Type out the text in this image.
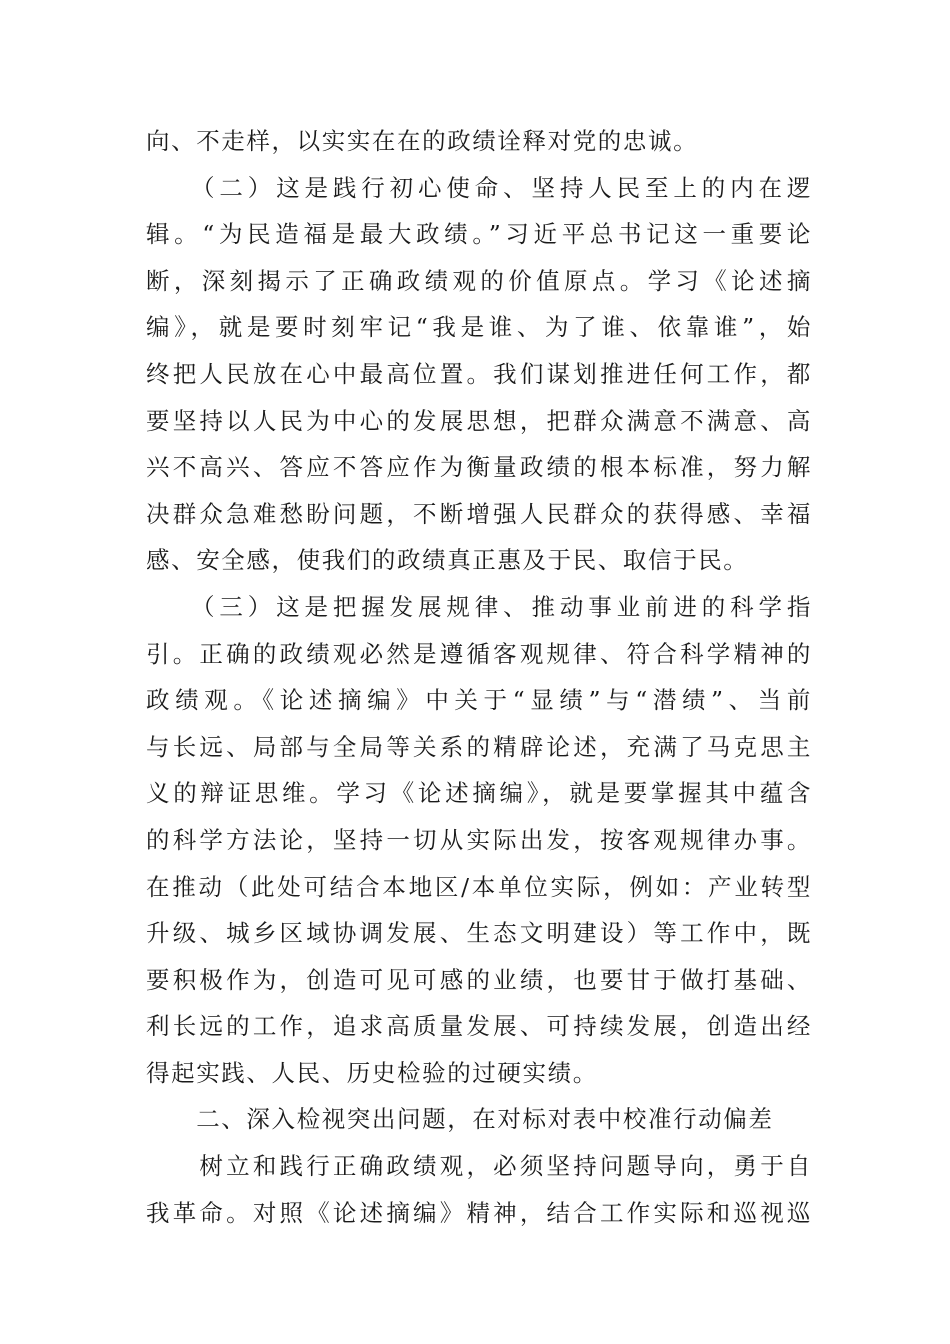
向、不走样，以实实在在的政绩诠释对党的忠诚。
　　（二）这是践行初心使命、坚持人民至上的内在逻
辑。“为民造福是最大政绩。”习近平总书记这一重要论
断，深刻揭示了正确政绩观的价值原点。学习《论述摘
编》，就是要时刻牢记“我是谁、为了谁、依靠谁”，始
终把人民放在心中最高位置。我们谋划推进任何工作，都
要坚持以人民为中心的发展思想，把群众满意不满意、高
兴不高兴、答应不答应作为衡量政绩的根本标准，努力解
决群众急难愁盼问题，不断增强人民群众的获得感、幸福
感、安全感，使我们的政绩真正惠及于民、取信于民。
　　（三）这是把握发展规律、推动事业前进的科学指
引。正确的政绩观必然是遵循客观规律、符合科学精神的
政绩观。《论述摘编》中关于“显绩”与“潜绩”、当前
与长远、局部与全局等关系的精辟论述，充满了马克思主
义的辩证思维。学习《论述摘编》，就是要掌握其中蕴含
的科学方法论，坚持一切从实际出发，按客观规律办事。
在推动（此处可结合本地区/本单位实际，例如：产业转型
升级、城乡区域协调发展、生态文明建设）等工作中，既
要积极作为，创造可见可感的业绩，也要甘于做打基础、
利长远的工作，追求高质量发展、可持续发展，创造出经
得起实践、人民、历史检验的过硬实绩。
　　二、深入检视突出问题，在对标对表中校准行动偏差
　　树立和践行正确政绩观，必须坚持问题导向，勇于自
我革命。对照《论述摘编》精神，结合工作实际和巡视巡
